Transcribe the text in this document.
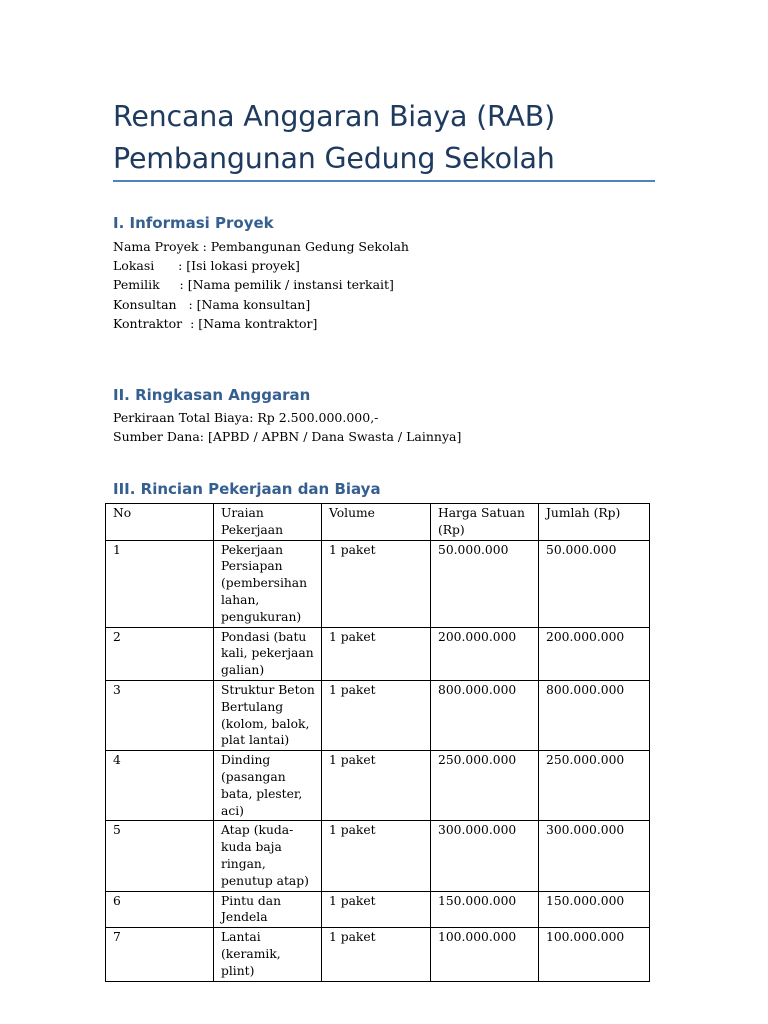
Rencana Anggaran Biaya (RAB)
Pembangunan Gedung Sekolah
I. Informasi Proyek
Nama Proyek : Pembangunan Gedung Sekolah
Lokasi      : [Isi lokasi proyek]
Pemilik     : [Nama pemilik / instansi terkait]
Konsultan   : [Nama konsultan]
Kontraktor  : [Nama kontraktor]
II. Ringkasan Anggaran
Perkiraan Total Biaya: Rp 2.500.000.000,-
Sumber Dana: [APBD / APBN / Dana Swasta / Lainnya]
III. Rincian Pekerjaan dan Biaya
No	Uraian Pekerjaan	Volume	Harga Satuan (Rp)	Jumlah (Rp)
1	Pekerjaan Persiapan (pembersihan lahan, pengukuran)	1 paket	50.000.000	50.000.000
2	Pondasi (batu kali, pekerjaan galian)	1 paket	200.000.000	200.000.000
3	Struktur Beton Bertulang (kolom, balok, plat lantai)	1 paket	800.000.000	800.000.000
4	Dinding (pasangan bata, plester, aci)	1 paket	250.000.000	250.000.000
5	Atap (kuda-kuda baja ringan, penutup atap)	1 paket	300.000.000	300.000.000
6	Pintu dan Jendela	1 paket	150.000.000	150.000.000
7	Lantai (keramik, plint)	1 paket	100.000.000	100.000.000
